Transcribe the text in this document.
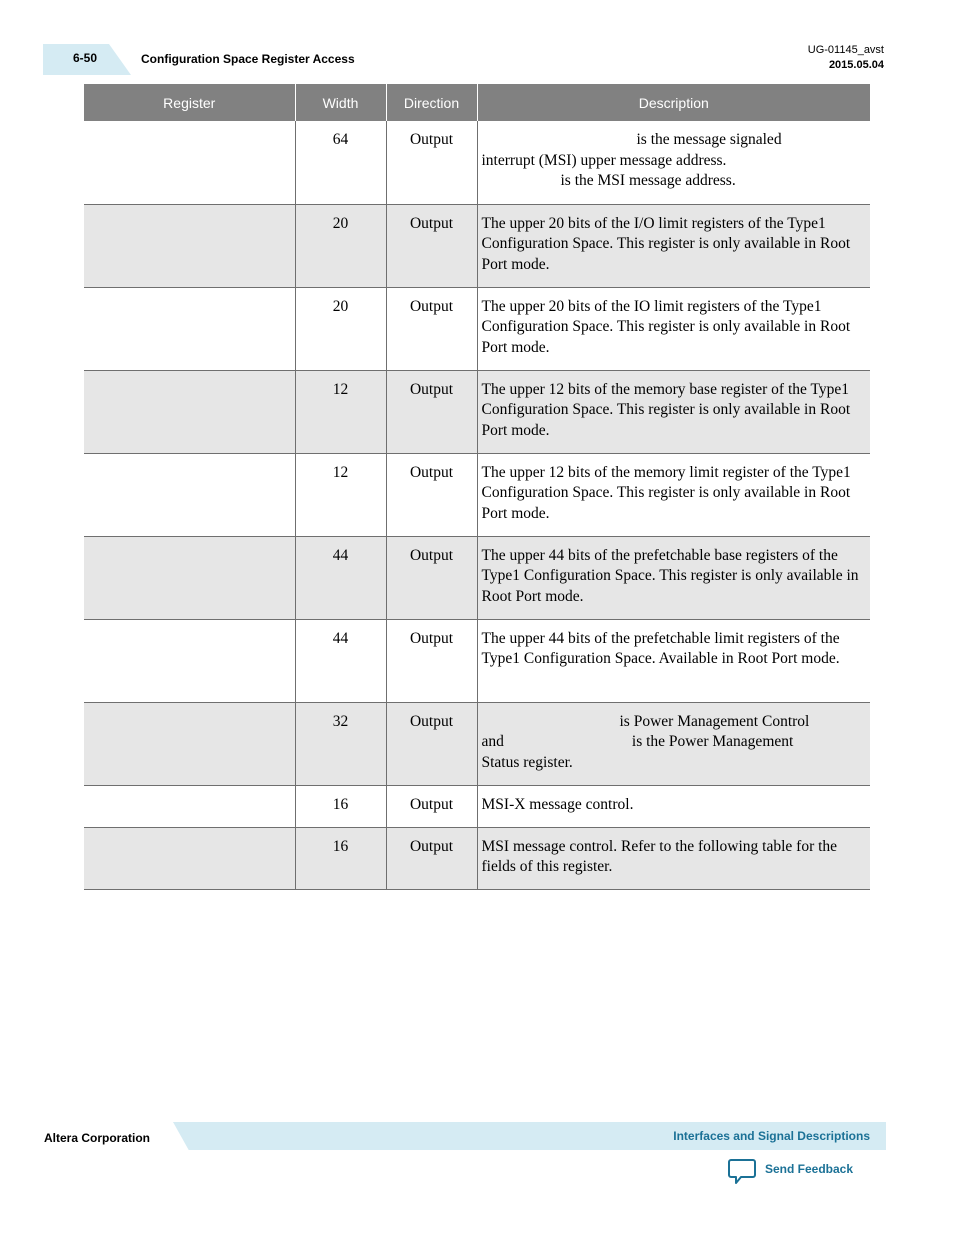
6-50	Configuration Space Register Access
UG-01145_avst
2015.05.04
Register	Width	Direction	Description
	64	Output	is the message signaled
interrupt (MSI) upper message address.
is the MSI message address.

	20	Output	The upper 20 bits of the I/O limit registers of the Type1 Configuration Space. This register is only available in Root Port mode.
	20	Output	The upper 20 bits of the IO limit registers of the Type1 Configuration Space. This register is only available in Root Port mode.
	12	Output	The upper 12 bits of the memory base register of the Type1 Configuration Space. This register is only available in Root Port mode.
	12	Output	The upper 12 bits of the memory limit register of the Type1 Configuration Space. This register is only available in Root Port mode.
	44	Output	The upper 44 bits of the prefetchable base registers of the Type1 Configuration Space. This register is only available in Root Port mode.
	44	Output	The upper 44 bits of the prefetchable limit registers of the Type1 Configuration Space. Available in Root Port mode.
	32	Output	is Power Management Control
and is the Power Management
Status register.

	16	Output	MSI-X message control.
	16	Output	MSI message control. Refer to the following table for the fields of this register.
Altera Corporation	Interfaces and Signal Descriptions
Send Feedback
